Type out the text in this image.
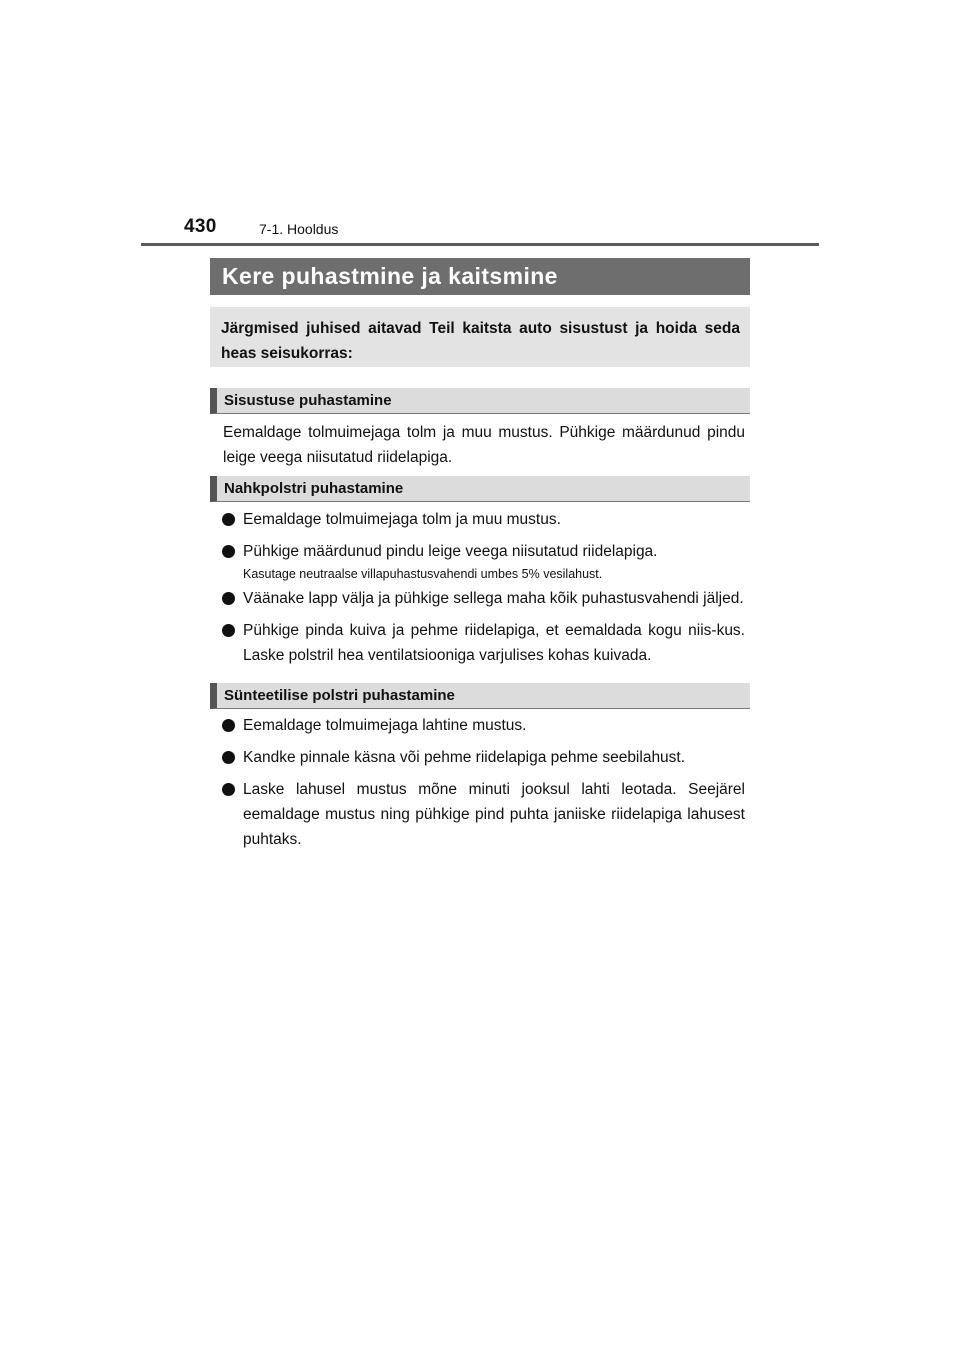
430	7-1. Hooldus
Kere puhastmine ja kaitsmine
Järgmised juhised aitavad Teil kaitsta auto sisustust ja hoida seda heas seisukorras:
Sisustuse puhastamine
Eemaldage tolmuimejaga tolm ja muu mustus. Pühkige määrdunud pindu leige veega niisutatud riidelapiga.
Nahkpolstri puhastamine
Eemaldage tolmuimejaga tolm ja muu mustus.
Pühkige määrdunud pindu leige veega niisutatud riidelapiga.
Kasutage neutraalse villapuhastusvahendi umbes 5% vesilahust.
Väänake lapp välja ja pühkige sellega maha kõik puhastusvahendi jäljed.
Pühkige pinda kuiva ja pehme riidelapiga, et eemaldada kogu niis-kus. Laske polstril hea ventilatsiooniga varjulises kohas kuivada.
Sünteetilise polstri puhastamine
Eemaldage tolmuimejaga lahtine mustus.
Kandke pinnale käsna või pehme riidelapiga pehme seebilahust.
Laske lahusel mustus mõne minuti jooksul lahti leotada. Seejärel eemaldage mustus ning pühkige pind puhta janiiske riidelapiga lahusest puhtaks.
